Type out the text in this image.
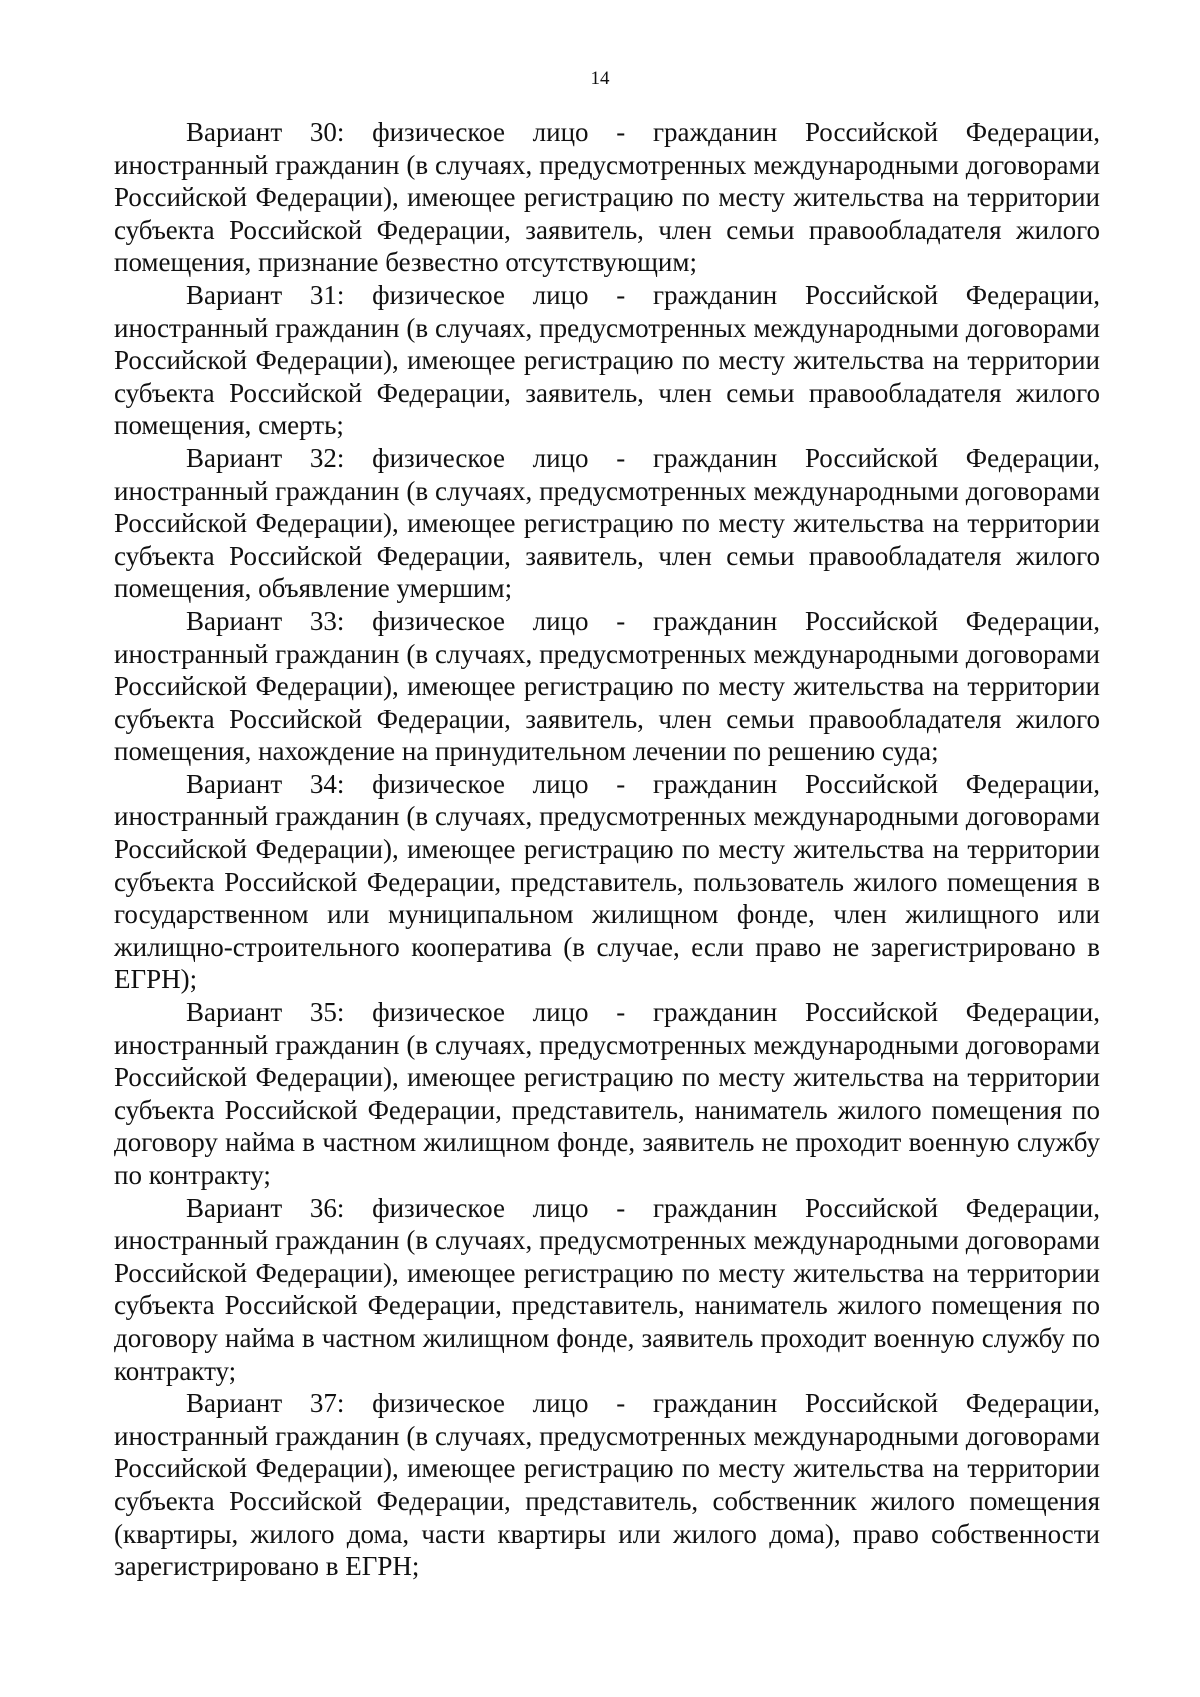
14

Вариант 30: физическое лицо - гражданин Российской Федерации, иностранный гражданин (в случаях, предусмотренных международными договорами Российской Федерации), имеющее регистрацию по месту жительства на территории субъекта Российской Федерации, заявитель, член семьи правообладателя жилого помещения, признание безвестно отсутствующим;

Вариант 31: физическое лицо - гражданин Российской Федерации, иностранный гражданин (в случаях, предусмотренных международными договорами Российской Федерации), имеющее регистрацию по месту жительства на территории субъекта Российской Федерации, заявитель, член семьи правообладателя жилого помещения, смерть;

Вариант 32: физическое лицо - гражданин Российской Федерации, иностранный гражданин (в случаях, предусмотренных международными договорами Российской Федерации), имеющее регистрацию по месту жительства на территории субъекта Российской Федерации, заявитель, член семьи правообладателя жилого помещения, объявление умершим;

Вариант 33: физическое лицо - гражданин Российской Федерации, иностранный гражданин (в случаях, предусмотренных международными договорами Российской Федерации), имеющее регистрацию по месту жительства на территории субъекта Российской Федерации, заявитель, член семьи правообладателя жилого помещения, нахождение на принудительном лечении по решению суда;

Вариант 34: физическое лицо - гражданин Российской Федерации, иностранный гражданин (в случаях, предусмотренных международными договорами Российской Федерации), имеющее регистрацию по месту жительства на территории субъекта Российской Федерации, представитель, пользователь жилого помещения в государственном или муниципальном жилищном фонде, член жилищного или жилищно-строительного кооператива (в случае, если право не зарегистрировано в ЕГРН);

Вариант 35: физическое лицо - гражданин Российской Федерации, иностранный гражданин (в случаях, предусмотренных международными договорами Российской Федерации), имеющее регистрацию по месту жительства на территории субъекта Российской Федерации, представитель, наниматель жилого помещения по договору найма в частном жилищном фонде, заявитель не проходит военную службу по контракту;

Вариант 36: физическое лицо - гражданин Российской Федерации, иностранный гражданин (в случаях, предусмотренных международными договорами Российской Федерации), имеющее регистрацию по месту жительства на территории субъекта Российской Федерации, представитель, наниматель жилого помещения по договору найма в частном жилищном фонде, заявитель проходит военную службу по контракту;

Вариант 37: физическое лицо - гражданин Российской Федерации, иностранный гражданин (в случаях, предусмотренных международными договорами Российской Федерации), имеющее регистрацию по месту жительства на территории субъекта Российской Федерации, представитель, собственник жилого помещения (квартиры, жилого дома, части квартиры или жилого дома), право собственности зарегистрировано в ЕГРН;
